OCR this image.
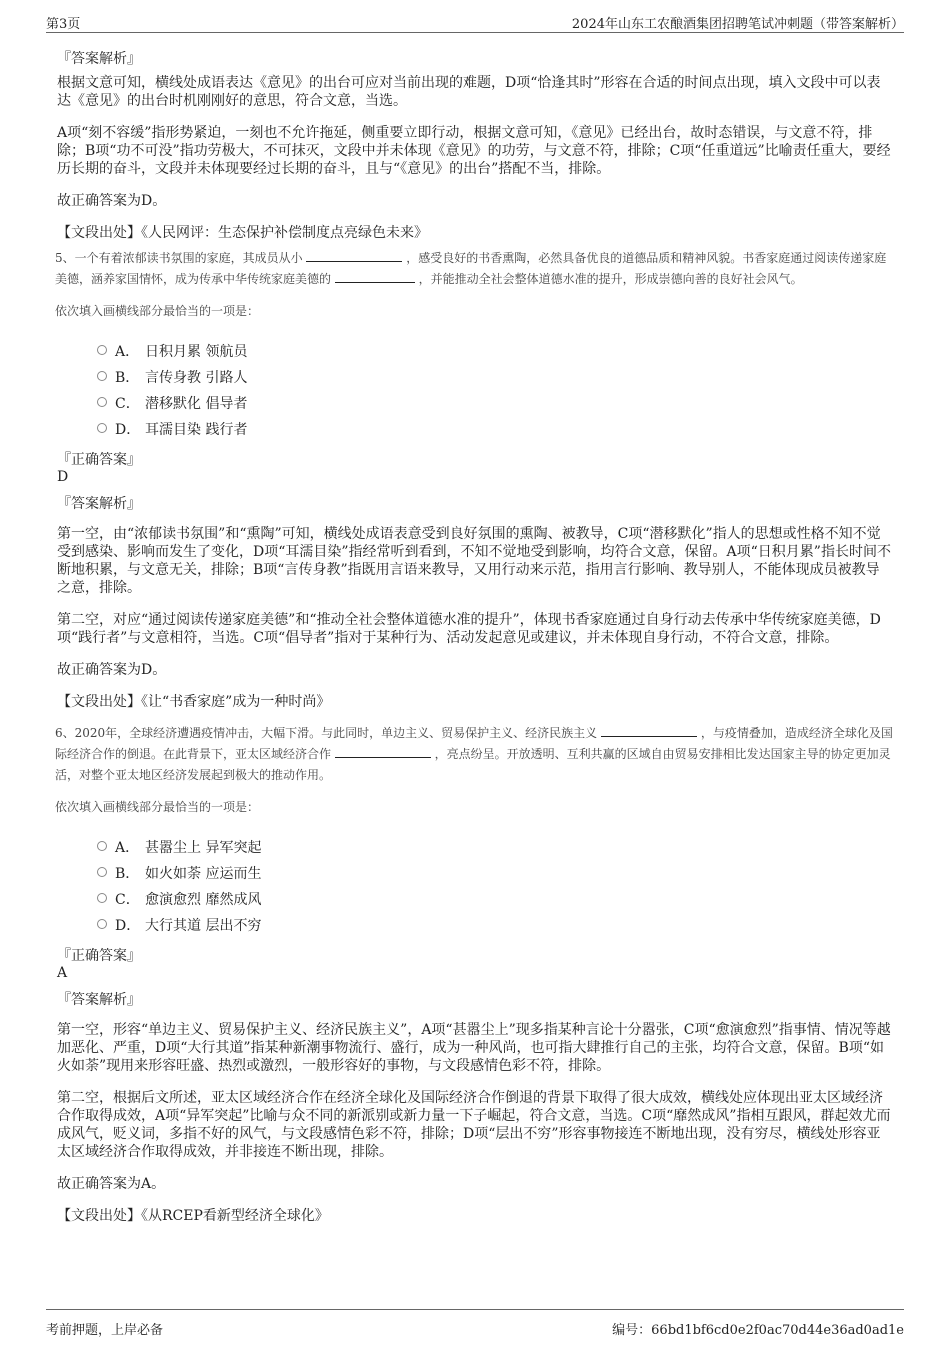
第3页	2024年山东工农酿酒集团招聘笔试冲刺题（带答案解析）
『答案解析』

根据文意可知，横线处成语表达《意见》的出台可应对当前出现的难题，D项“恰逢其时”形容在合适的时间点出现，填入文段中可以表达《意见》的出台时机刚刚好的意思，符合文意，当选。

A项“刻不容缓”指形势紧迫，一刻也不允许拖延，侧重要立即行动，根据文意可知，《意见》已经出台，故时态错误，与文意不符，排除；B项“功不可没”指功劳极大，不可抹灭，文段中并未体现《意见》的功劳，与文意不符，排除；C项“任重道远”比喻责任重大，要经历长期的奋斗，文段并未体现要经过长期的奋斗，且与“《意见》的出台”搭配不当，排除。

故正确答案为D。

【文段出处】《人民网评：生态保护补偿制度点亮绿色未来》

5、一个有着浓郁读书氛围的家庭，其成员从小	，感受良好的书香熏陶，必然具备优良的道德品质和精神风貌。书香家庭通过阅读传递家庭美德，涵养家国情怀，成为传承中华传统家庭美德的	，并能推动全社会整体道德水准的提升，形成崇德向善的良好社会风气。
依次填入画横线部分最恰当的一项是：
A． 日积月累 领航员
B． 言传身教 引路人
C． 潜移默化 倡导者
D． 耳濡目染 践行者
『正确答案』
D
『答案解析』

第一空，由“浓郁读书氛围”和“熏陶”可知，横线处成语表意受到良好氛围的熏陶、被教导，C项“潜移默化”指人的思想或性格不知不觉受到感染、影响而发生了变化，D项“耳濡目染”指经常听到看到，不知不觉地受到影响，均符合文意，保留。A项“日积月累”指长时间不断地积累，与文意无关，排除；B项“言传身教”指既用言语来教导，又用行动来示范，指用言行影响、教导别人，不能体现成员被教导之意，排除。

第二空，对应“通过阅读传递家庭美德”和“推动全社会整体道德水准的提升”，体现书香家庭通过自身行动去传承中华传统家庭美德，D项“践行者”与文意相符，当选。C项“倡导者”指对于某种行为、活动发起意见或建议，并未体现自身行动，不符合文意，排除。

故正确答案为D。

【文段出处】《让“书香家庭”成为一种时尚》

6、2020年，全球经济遭遇疫情冲击，大幅下滑。与此同时，单边主义、贸易保护主义、经济民族主义	，与疫情叠加，造成经济全球化及国际经济合作的倒退。在此背景下，亚太区域经济合作	，亮点纷呈。开放透明、互利共赢的区域自由贸易安排相比发达国家主导的协定更加灵活，对整个亚太地区经济发展起到极大的推动作用。
依次填入画横线部分最恰当的一项是：
A． 甚嚣尘上 异军突起
B． 如火如荼 应运而生
C． 愈演愈烈 靡然成风
D． 大行其道 层出不穷
『正确答案』
A
『答案解析』

第一空，形容“单边主义、贸易保护主义、经济民族主义”，A项“甚嚣尘上”现多指某种言论十分嚣张，C项“愈演愈烈”指事情、情况等越加恶化、严重，D项“大行其道”指某种新潮事物流行、盛行，成为一种风尚，也可指大肆推行自己的主张，均符合文意，保留。B项“如火如荼”现用来形容旺盛、热烈或激烈，一般形容好的事物，与文段感情色彩不符，排除。

第二空，根据后文所述，亚太区域经济合作在经济全球化及国际经济合作倒退的背景下取得了很大成效，横线处应体现出亚太区域经济合作取得成效，A项“异军突起”比喻与众不同的新派别或新力量一下子崛起，符合文意，当选。C项“靡然成风”指相互跟风，群起效尤而成风气，贬义词，多指不好的风气，与文段感情色彩不符，排除；D项“层出不穷”形容事物接连不断地出现，没有穷尽，横线处形容亚太区域经济合作取得成效，并非接连不断出现，排除。

故正确答案为A。

【文段出处】《从RCEP看新型经济全球化》

考前押题，上岸必备	编号：66bd1bf6cd0e2f0ac70d44e36ad0ad1e
